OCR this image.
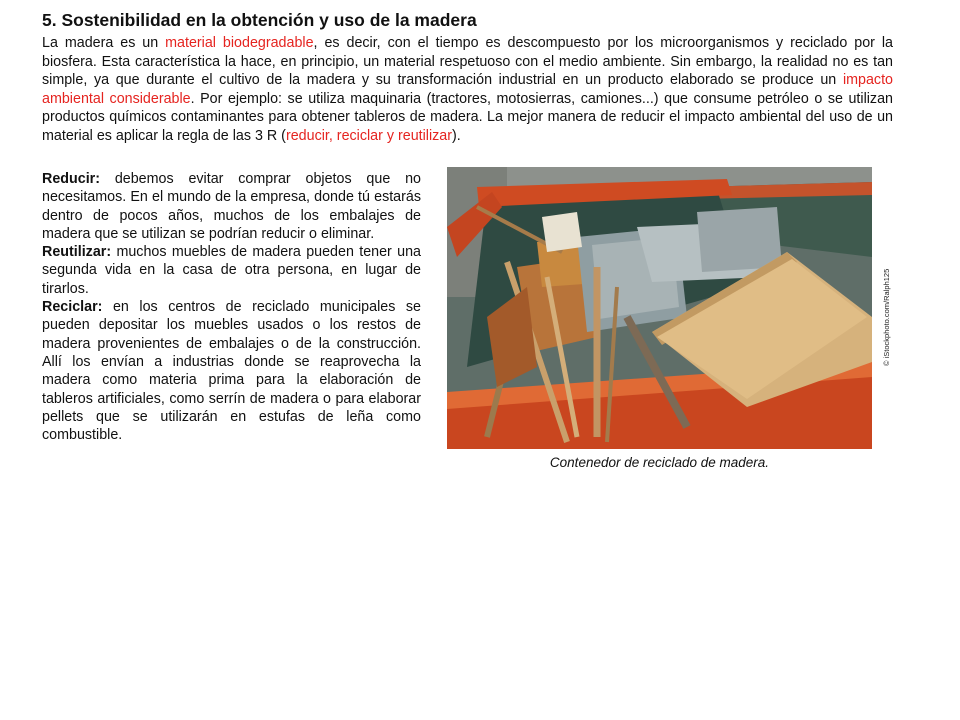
5. Sostenibilidad en la obtención y uso de la madera

La madera es un material biodegradable, es decir, con el tiempo es descompuesto por los microorganismos y reciclado por la biosfera. Esta característica la hace, en principio, un material respetuoso con el medio ambiente. Sin embargo, la realidad no es tan simple, ya que durante el cultivo de la madera y su transformación industrial en un producto elaborado se produce un impacto ambiental considerable. Por ejemplo: se utiliza maquinaria (tractores, motosierras, camiones...) que consume petróleo o se utilizan productos químicos contaminantes para obtener tableros de madera. La mejor manera de reducir el impacto ambiental del uso de un material es aplicar la regla de las 3 R (reducir, reciclar y reutilizar).

Reducir: debemos evitar comprar objetos que no necesitamos. En el mundo de la empresa, donde tú estarás dentro de pocos años, muchos de los embalajes de madera que se utilizan se podrían reducir o eliminar.

Reutilizar: muchos muebles de madera pueden tener una segunda vida en la casa de otra persona, en lugar de tirarlos.

Reciclar: en los centros de reciclado municipales se pueden depositar los muebles usados o los restos de madera provenientes de embalajes o de la construcción. Allí los envían a industrias donde se reaprovecha la madera como materia prima para la elaboración de tableros artificiales, como serrín de madera o para elaborar pellets que se utilizarán en estufas de leña como combustible.

© iStockphoto.com/Ralph125
Contenedor de reciclado de madera.
